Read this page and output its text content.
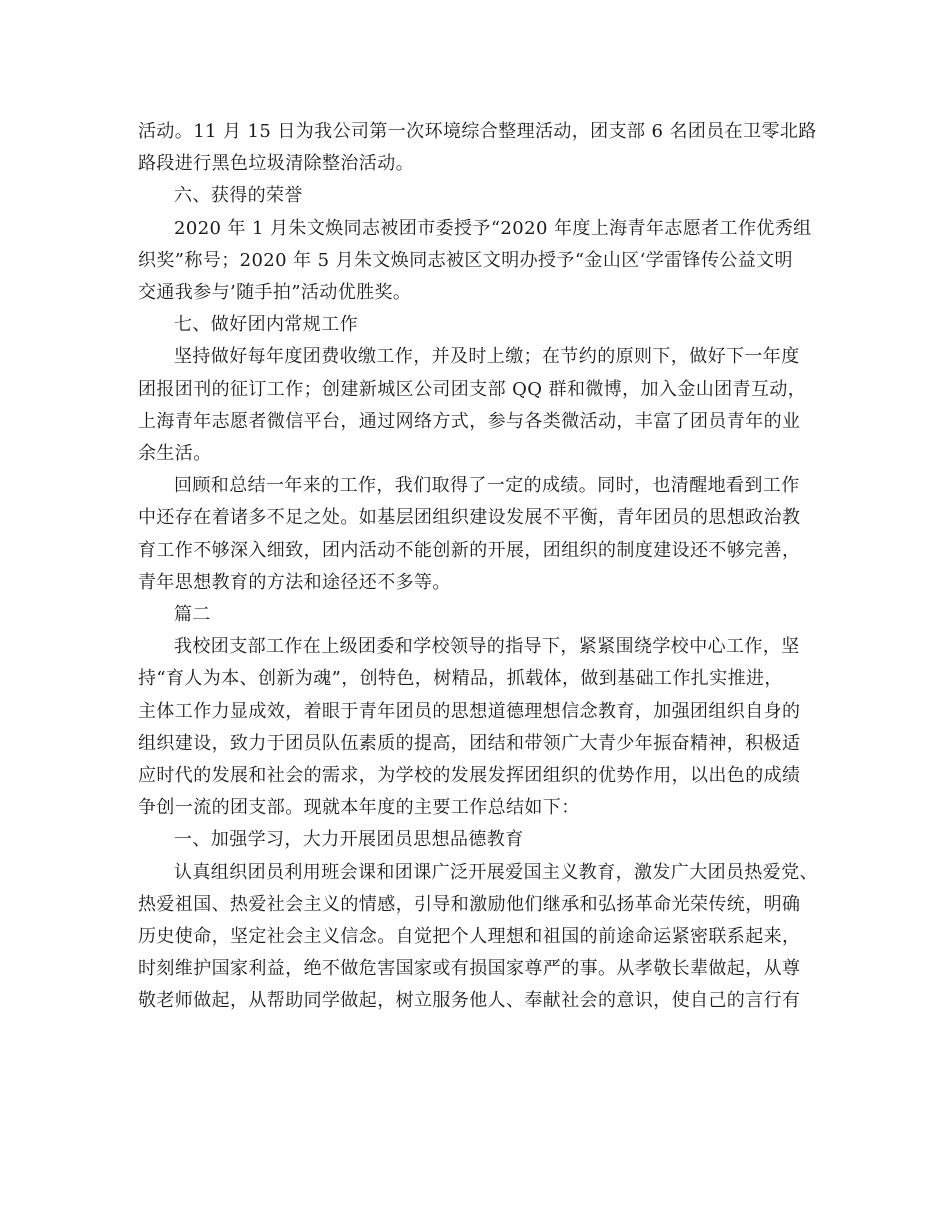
活动。11 月 15 日为我公司第一次环境综合整理活动，团支部 6 名团员在卫零北路
路段进行黑色垃圾清除整治活动。

六、获得的荣誉

2020 年 1 月朱文焕同志被团市委授予“2020 年度上海青年志愿者工作优秀组
织奖”称号；2020 年 5 月朱文焕同志被区文明办授予“金山区‘学雷锋传公益文明
交通我参与’随手拍”活动优胜奖。

七、做好团内常规工作

坚持做好每年度团费收缴工作，并及时上缴；在节约的原则下，做好下一年度
团报团刊的征订工作；创建新城区公司团支部 QQ 群和微博，加入金山团青互动，
上海青年志愿者微信平台，通过网络方式，参与各类微活动，丰富了团员青年的业
余生活。

回顾和总结一年来的工作，我们取得了一定的成绩。同时，也清醒地看到工作
中还存在着诸多不足之处。如基层团组织建设发展不平衡，青年团员的思想政治教
育工作不够深入细致，团内活动不能创新的开展，团组织的制度建设还不够完善，
青年思想教育的方法和途径还不多等。

篇二

我校团支部工作在上级团委和学校领导的指导下，紧紧围绕学校中心工作，坚
持“育人为本、创新为魂”，创特色，树精品，抓载体，做到基础工作扎实推进，
主体工作力显成效，着眼于青年团员的思想道德理想信念教育，加强团组织自身的
组织建设，致力于团员队伍素质的提高，团结和带领广大青少年振奋精神，积极适
应时代的发展和社会的需求，为学校的发展发挥团组织的优势作用，以出色的成绩
争创一流的团支部。现就本年度的主要工作总结如下：

一、加强学习，大力开展团员思想品德教育

认真组织团员利用班会课和团课广泛开展爱国主义教育，激发广大团员热爱党、
热爱祖国、热爱社会主义的情感，引导和激励他们继承和弘扬革命光荣传统，明确
历史使命，坚定社会主义信念。自觉把个人理想和祖国的前途命运紧密联系起来，
时刻维护国家利益，绝不做危害国家或有损国家尊严的事。从孝敬长辈做起，从尊
敬老师做起，从帮助同学做起，树立服务他人、奉献社会的意识，使自己的言行有
